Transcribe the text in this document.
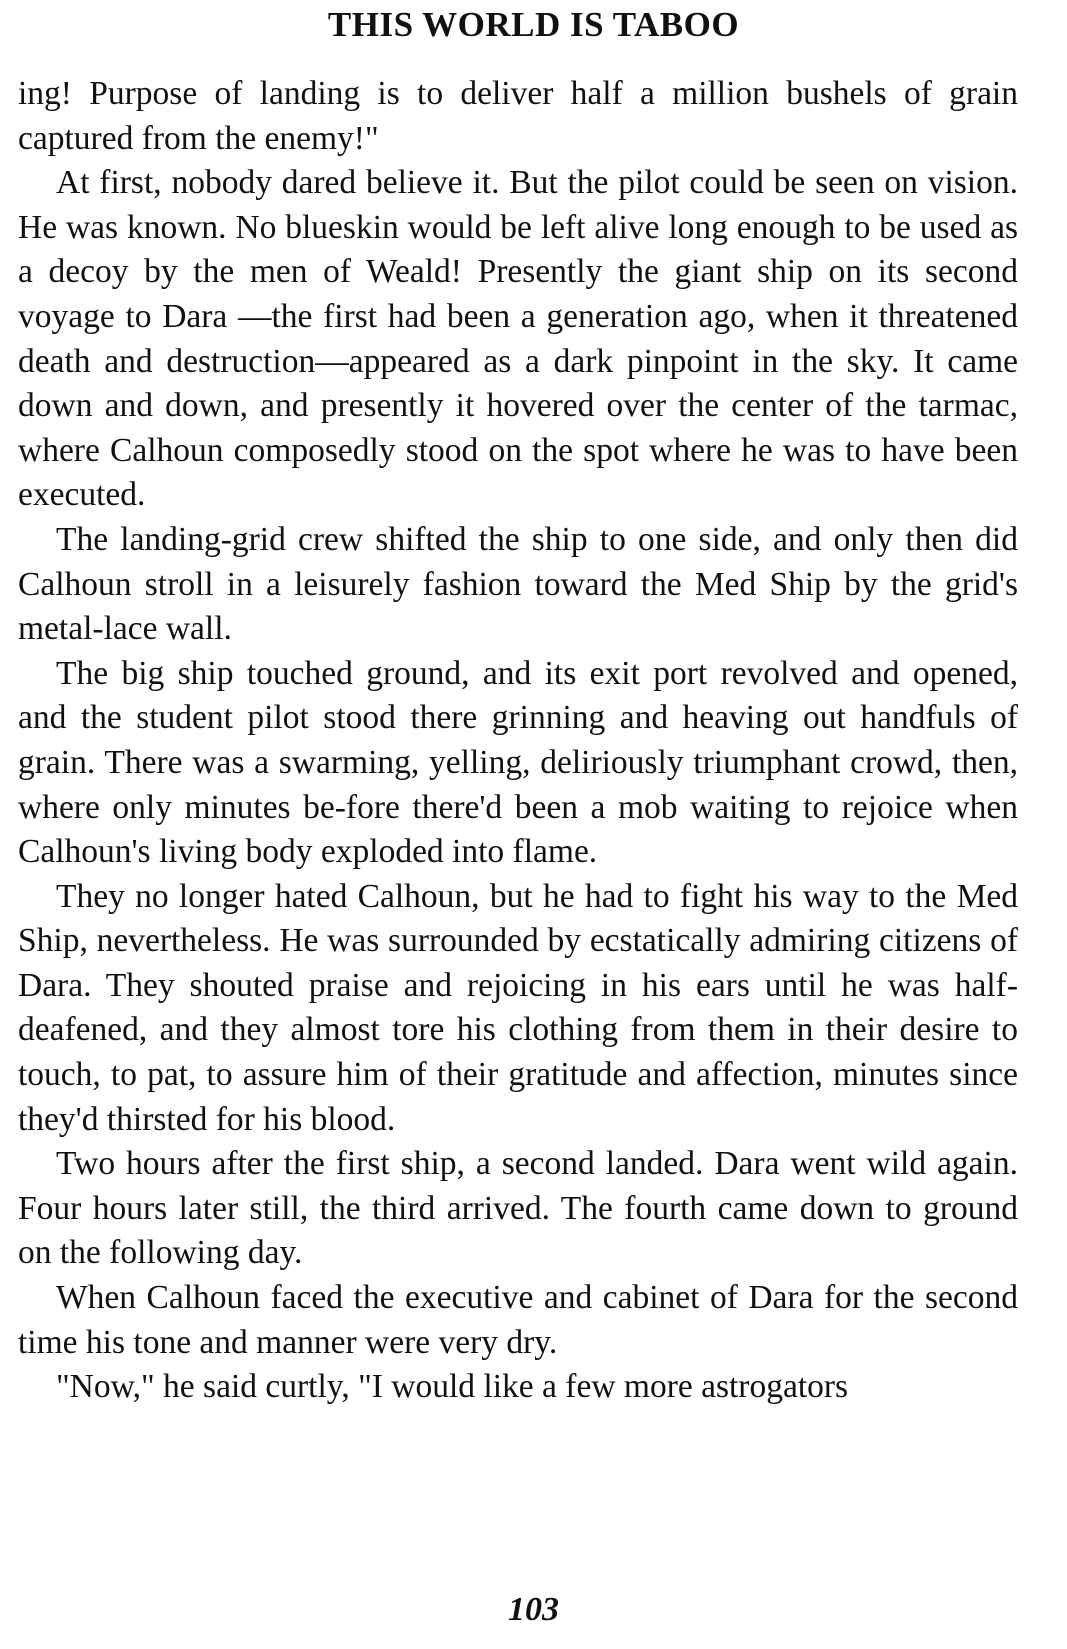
THIS WORLD IS TABOO

ing! Purpose of landing is to deliver half a million bushels of grain captured from the enemy!"

At first, nobody dared believe it. But the pilot could be seen on vision. He was known. No blueskin would be left alive long enough to be used as a decoy by the men of Weald! Presently the giant ship on its second voyage to Dara —the first had been a generation ago, when it threatened death and destruction—appeared as a dark pinpoint in the sky. It came down and down, and presently it hovered over the center of the tarmac, where Calhoun composedly stood on the spot where he was to have been executed.

The landing-grid crew shifted the ship to one side, and only then did Calhoun stroll in a leisurely fashion toward the Med Ship by the grid's metal-lace wall.

The big ship touched ground, and its exit port revolved and opened, and the student pilot stood there grinning and heaving out handfuls of grain. There was a swarming, yelling, deliriously triumphant crowd, then, where only minutes be-fore there'd been a mob waiting to rejoice when Calhoun's living body exploded into flame.

They no longer hated Calhoun, but he had to fight his way to the Med Ship, nevertheless. He was surrounded by ecstatically admiring citizens of Dara. They shouted praise and rejoicing in his ears until he was half-deafened, and they almost tore his clothing from them in their desire to touch, to pat, to assure him of their gratitude and affection, minutes since they'd thirsted for his blood.

Two hours after the first ship, a second landed. Dara went wild again. Four hours later still, the third arrived. The fourth came down to ground on the following day.

When Calhoun faced the executive and cabinet of Dara for the second time his tone and manner were very dry.

"Now," he said curtly, "I would like a few more astrogators

103
